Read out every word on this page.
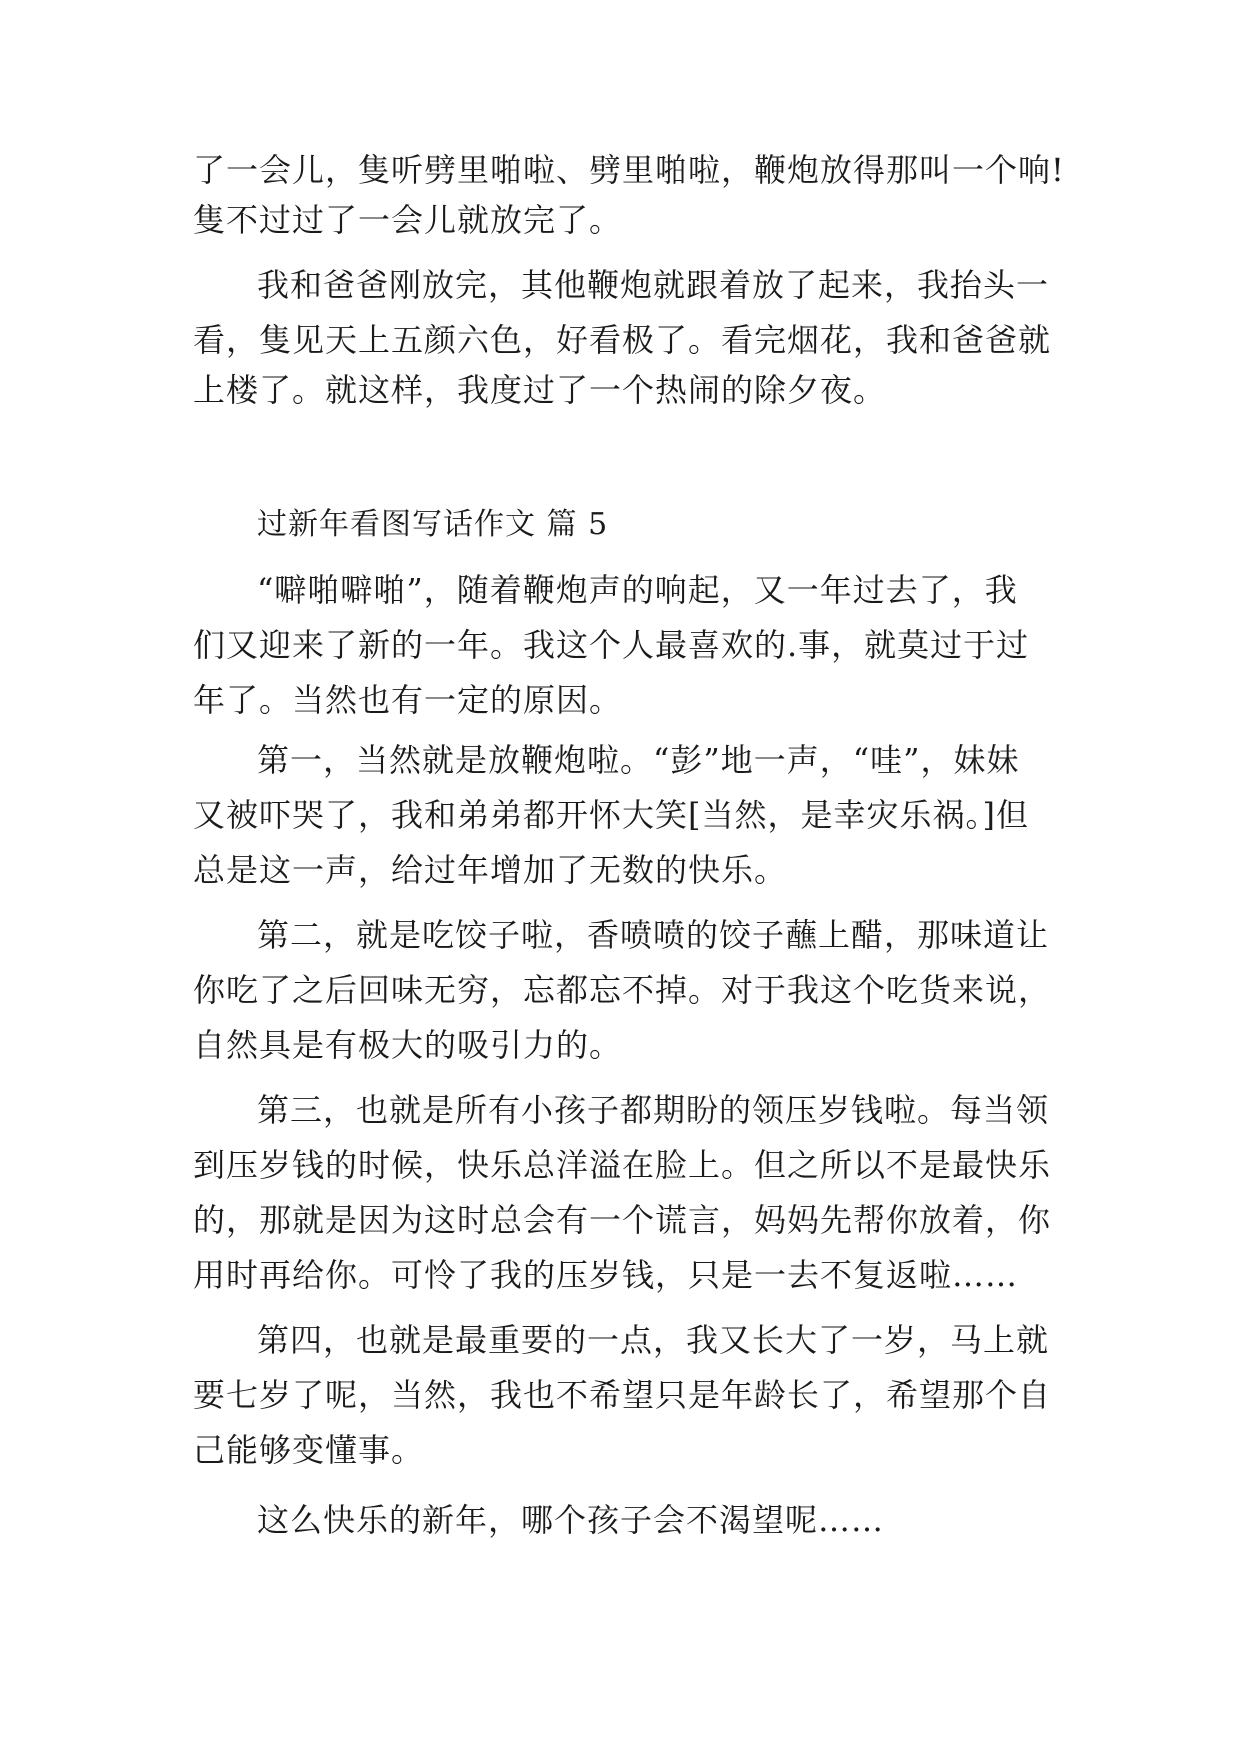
了一会儿，隻听劈里啪啦、劈里啪啦，鞭炮放得那叫一个响!
隻不过过了一会儿就放完了。
我和爸爸刚放完，其他鞭炮就跟着放了起来，我抬头一
看，隻见天上五颜六色，好看极了。看完烟花，我和爸爸就
上楼了。就这样，我度过了一个热闹的除夕夜。
过新年看图写话作文 篇 5
“噼啪噼啪”，随着鞭炮声的响起，又一年过去了，我
们又迎来了新的一年。我这个人最喜欢的.事，就莫过于过
年了。当然也有一定的原因。
第一，当然就是放鞭炮啦。“彭”地一声，“哇”，妹妹
又被吓哭了，我和弟弟都开怀大笑[当然，是幸灾乐祸。]但
总是这一声，给过年增加了无数的快乐。
第二，就是吃饺子啦，香喷喷的饺子蘸上醋，那味道让
你吃了之后回味无穷，忘都忘不掉。对于我这个吃货来说，
自然具是有极大的吸引力的。
第三，也就是所有小孩子都期盼的领压岁钱啦。每当领
到压岁钱的时候，快乐总洋溢在脸上。但之所以不是最快乐
的，那就是因为这时总会有一个谎言，妈妈先帮你放着，你
用时再给你。可怜了我的压岁钱，只是一去不复返啦……
第四，也就是最重要的一点，我又长大了一岁，马上就
要七岁了呢，当然，我也不希望只是年龄长了，希望那个自
己能够变懂事。
这么快乐的新年，哪个孩子会不渴望呢……
